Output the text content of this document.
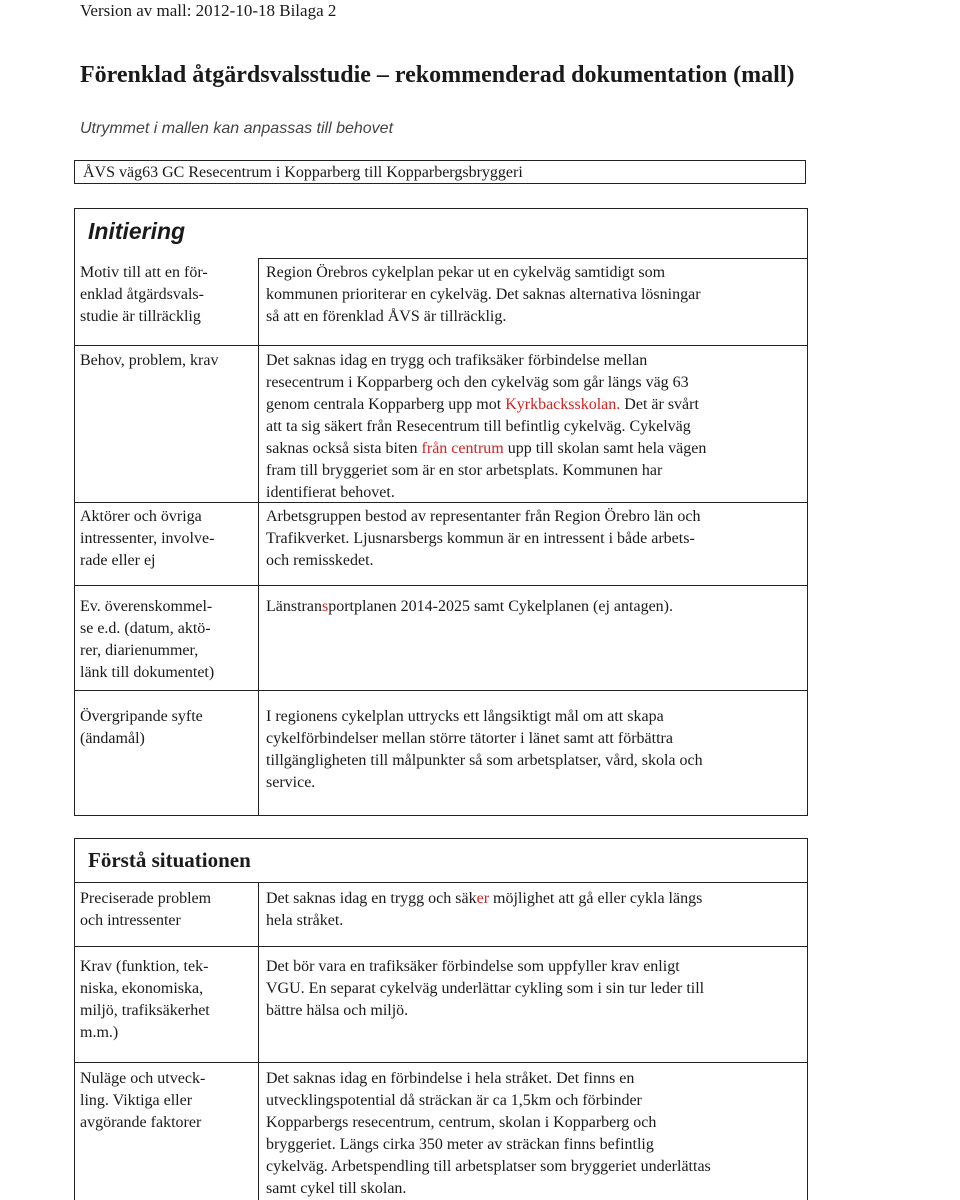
Version av mall: 2012-10-18 Bilaga 2
Förenklad åtgärdsvalsstudie – rekommenderad dokumentation (mall)
Utrymmet i mallen kan anpassas till behovet
ÅVS väg63 GC Resecentrum i Kopparberg till Kopparbergsbryggeri
Initiering
Motiv till att en för-
enklad åtgärdsvals-
studie är tillräcklig
Region Örebros cykelplan pekar ut en cykelväg samtidigt som
kommunen prioriterar en cykelväg. Det saknas alternativa lösningar
så att en förenklad ÅVS är tillräcklig.
Behov, problem, krav	Det saknas idag en trygg och trafiksäker förbindelse mellan
resecentrum i Kopparberg och den cykelväg som går längs väg 63
genom centrala Kopparberg upp mot Kyrkbacksskolan. Det är svårt
att ta sig säkert från Resecentrum till befintlig cykelväg. Cykelväg
saknas också sista biten från centrum upp till skolan samt hela vägen
fram till bryggeriet som är en stor arbetsplats. Kommunen har
identifierat behovet.
Aktörer och övriga
intressenter, involve-
rade eller ej
Arbetsgruppen bestod av representanter från Region Örebro län och
Trafikverket. Ljusnarsbergs kommun är en intressent i både arbets-
och remisskedet.
Ev. överenskommel-
se e.d. (datum, aktö-
rer, diarienummer,
länk till dokumentet)
Länstransportplanen 2014-2025 samt Cykelplanen (ej antagen).
Övergripande syfte
(ändamål)
I regionens cykelplan uttrycks ett långsiktigt mål om att skapa
cykelförbindelser mellan större tätorter i länet samt att förbättra
tillgängligheten till målpunkter så som arbetsplatser, vård, skola och
service.
Förstå situationen
Preciserade problem
och intressenter
Det saknas idag en trygg och säker möjlighet att gå eller cykla längs
hela stråket.
Krav (funktion, tek-
niska, ekonomiska,
miljö, trafiksäkerhet
m.m.)
Det bör vara en trafiksäker förbindelse som uppfyller krav enligt
VGU. En separat cykelväg underlättar cykling som i sin tur leder till
bättre hälsa och miljö.
Nuläge och utveck-
ling. Viktiga eller
avgörande faktorer
Det saknas idag en förbindelse i hela stråket. Det finns en
utvecklingspotential då sträckan är ca 1,5km och förbinder
Kopparbergs resecentrum, centrum, skolan i Kopparberg och
bryggeriet. Längs cirka 350 meter av sträckan finns befintlig
cykelväg. Arbetspendling till arbetsplatser som bryggeriet underlättas
samt cykel till skolan.
